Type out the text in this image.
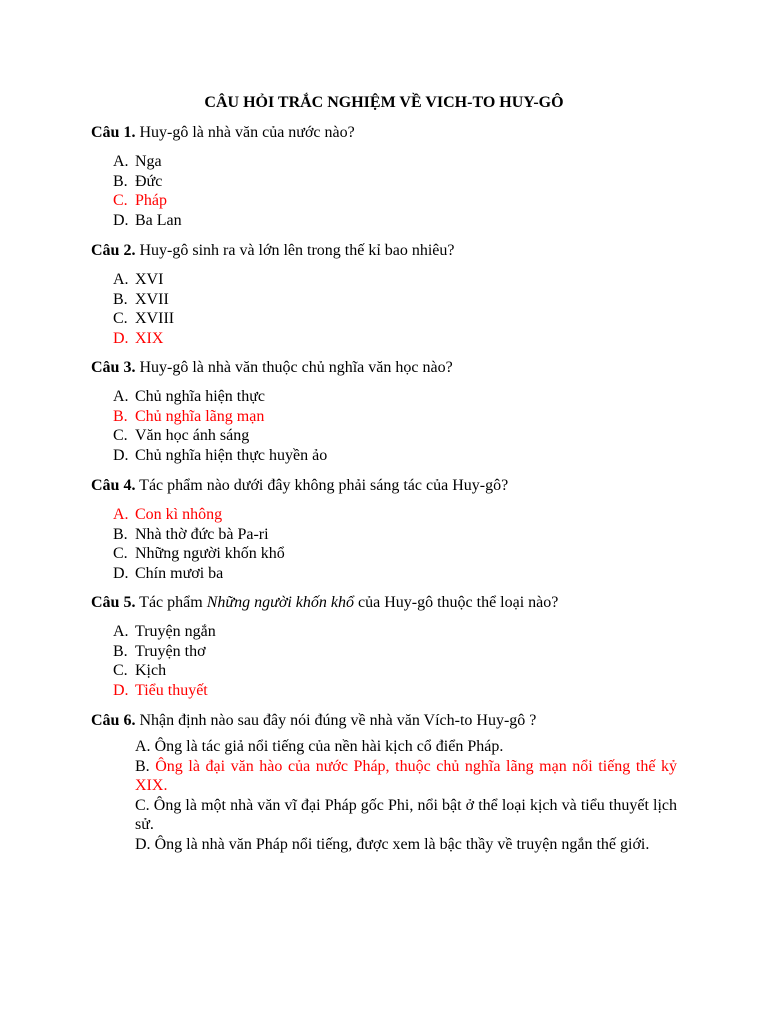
CÂU HỎI TRẮC NGHIỆM VỀ VICH-TO HUY-GÔ
Câu 1. Huy-gô là nhà văn của nước nào?
A. Nga
B. Đức
C. Pháp
D. Ba Lan
Câu 2. Huy-gô sinh ra và lớn lên trong thế kỉ bao nhiêu?
A. XVI
B. XVII
C. XVIII
D. XIX
Câu 3. Huy-gô là nhà văn thuộc chủ nghĩa văn học nào?
A. Chủ nghĩa hiện thực
B. Chủ nghĩa lãng mạn
C. Văn học ánh sáng
D. Chủ nghĩa hiện thực huyền ảo
Câu 4. Tác phẩm nào dưới đây không phải sáng tác của Huy-gô?
A. Con kì nhông
B. Nhà thờ đức bà Pa-ri
C. Những người khốn khổ
D. Chín mươi ba
Câu 5. Tác phẩm Những người khốn khổ của Huy-gô thuộc thể loại nào?
A. Truyện ngắn
B. Truyện thơ
C. Kịch
D. Tiểu thuyết
Câu 6. Nhận định nào sau đây nói đúng về nhà văn Vích-to Huy-gô ?

A. Ông là tác giả nổi tiếng của nền hài kịch cổ điển Pháp.

B. Ông là đại văn hào của nước Pháp, thuộc chủ nghĩa lãng mạn nổi tiếng thế kỷ XIX.

C. Ông là một nhà văn vĩ đại Pháp gốc Phi, nổi bật ở thể loại kịch và tiểu thuyết lịch sử.

D. Ông là nhà văn Pháp nổi tiếng, được xem là bậc thầy về truyện ngắn thế giới.
